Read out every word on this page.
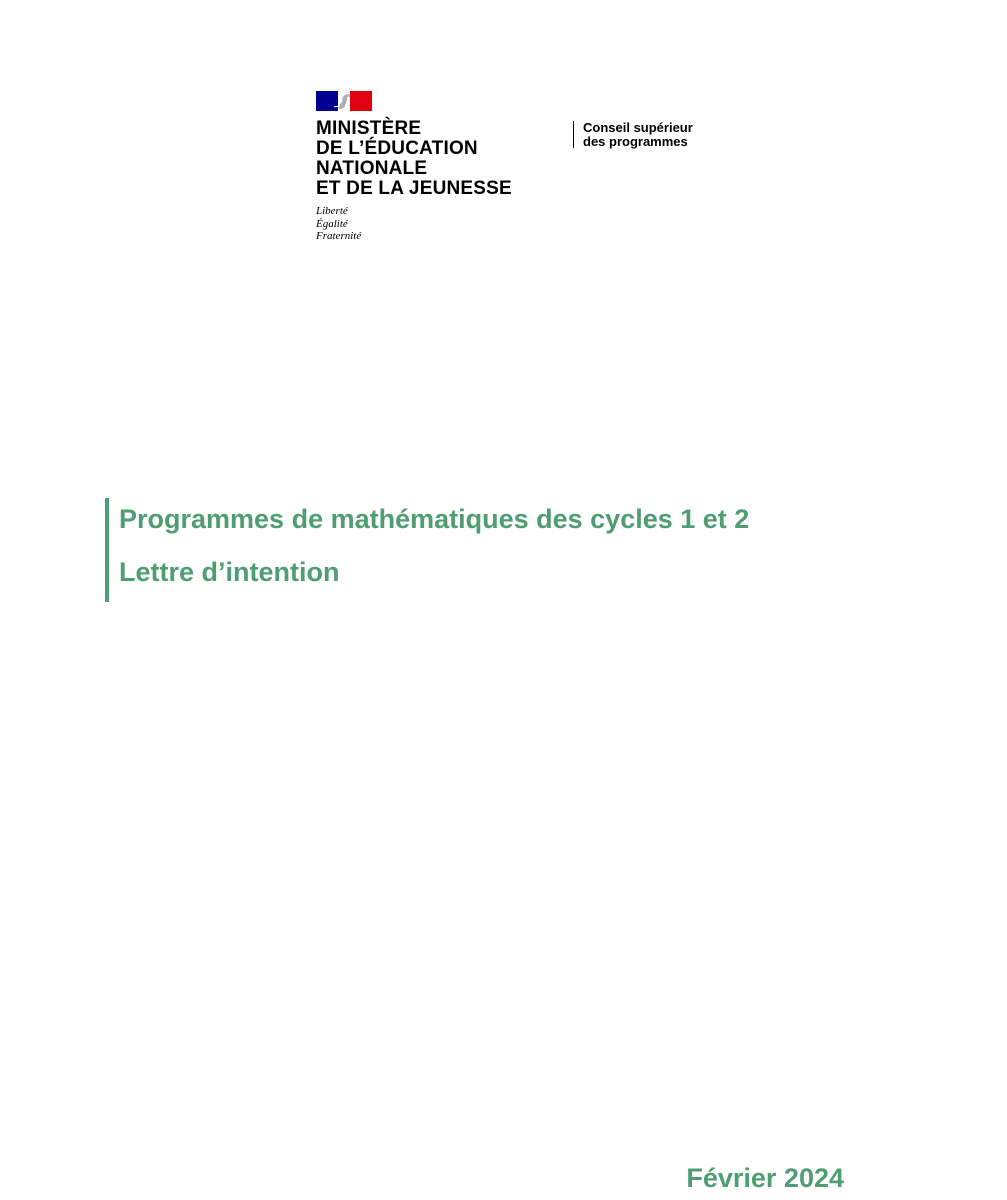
MINISTÈRE
DE L’ÉDUCATION
NATIONALE
ET DE LA JEUNESSE
Liberté
Égalité
Fraternité
Conseil supérieur
des programmes
Programmes de mathématiques des cycles 1 et 2
Lettre d’intention
Février 2024
